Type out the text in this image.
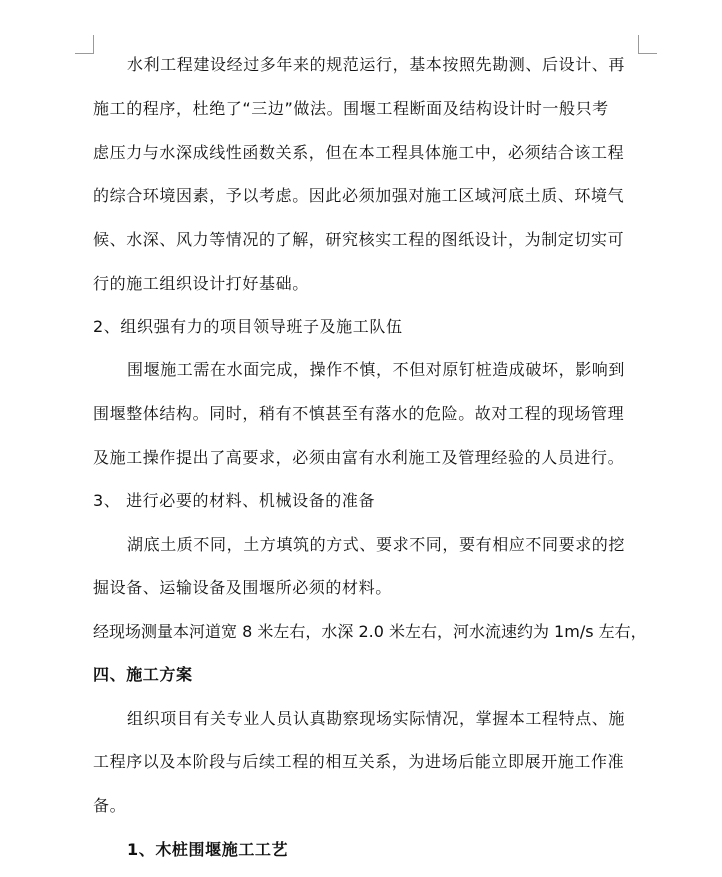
水利工程建设经过多年来的规范运行，基本按照先勘测、后设计、再
施工的程序，杜绝了“三边”做法。围堰工程断面及结构设计时一般只考
虑压力与水深成线性函数关系，但在本工程具体施工中，必须结合该工程
的综合环境因素，予以考虑。因此必须加强对施工区域河底土质、环境气
候、水深、风力等情况的了解，研究核实工程的图纸设计，为制定切实可
行的施工组织设计打好基础。
2、组织强有力的项目领导班子及施工队伍
围堰施工需在水面完成，操作不慎，不但对原钉桩造成破坏，影响到
围堰整体结构。同时，稍有不慎甚至有落水的危险。故对工程的现场管理
及施工操作提出了高要求，必须由富有水利施工及管理经验的人员进行。
3、 进行必要的材料、机械设备的准备
湖底土质不同，土方填筑的方式、要求不同，要有相应不同要求的挖
掘设备、运输设备及围堰所必须的材料。
经现场测量本河道宽 8 米左右，水深 2.0 米左右，河水流速约为 1m/s 左右，
四、施工方案
组织项目有关专业人员认真勘察现场实际情况，掌握本工程特点、施
工程序以及本阶段与后续工程的相互关系，为进场后能立即展开施工作准
备。
1、木桩围堰施工工艺
